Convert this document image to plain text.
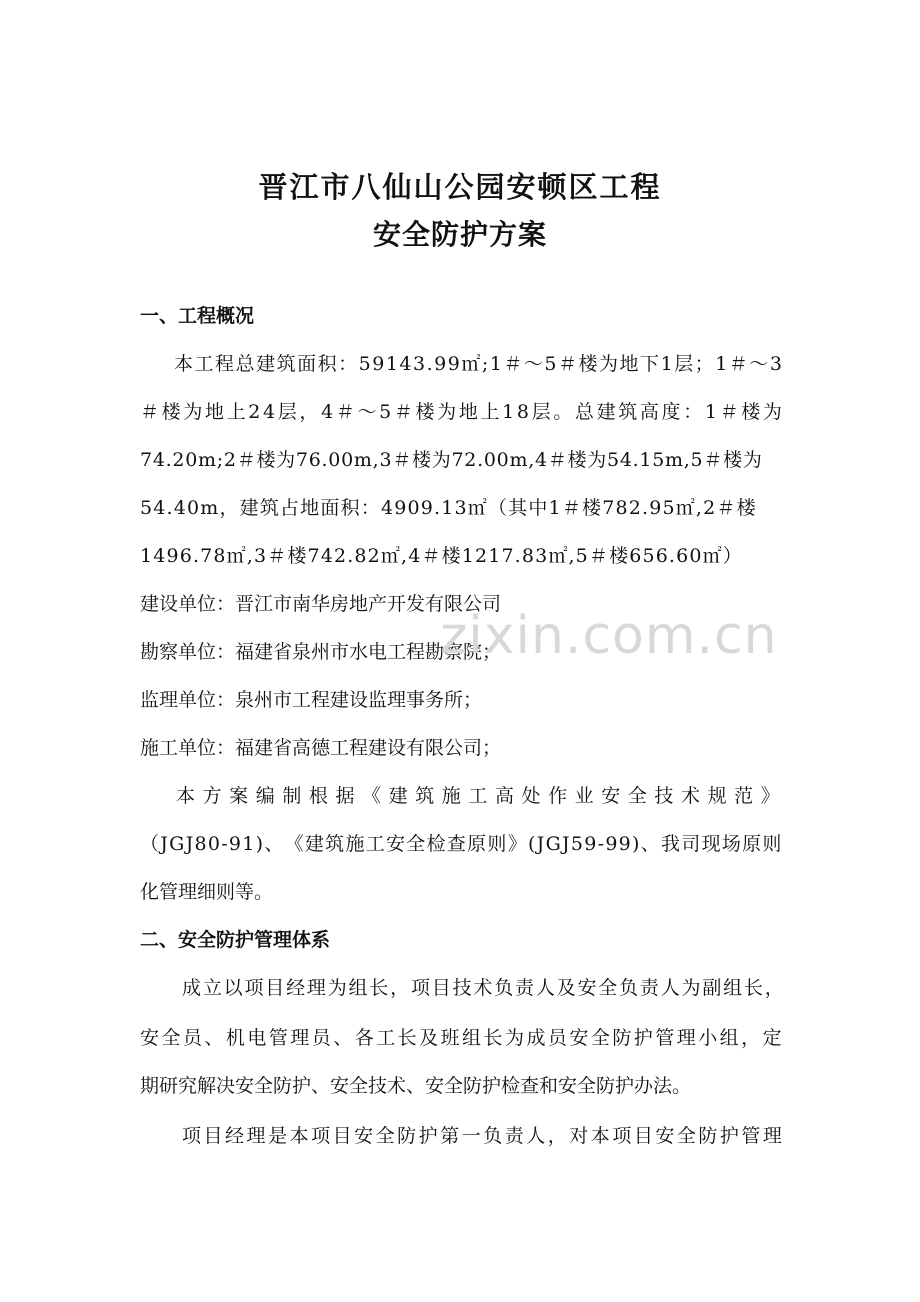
晋江市八仙山公园安顿区工程
安全防护方案
一、工程概况
本 工 程 总 建 筑 面 积 ： 5 9 1 4 3 . 9 9 ㎡ ; 1 ＃ ～ 5 ＃ 楼 为 地 下 1 层 ； 1 ＃ ～ 3
＃ 楼 为 地 上 2 4 层 ， 4 ＃ ～ 5 ＃ 楼 为 地 上 1 8 层 。 总 建 筑 高 度 ： 1 ＃ 楼 为
7 4 . 2 0 m ; 2 ＃ 楼 为 7 6 . 0 0 m , 3 ＃ 楼 为 7 2 . 0 0 m , 4 ＃ 楼 为 5 4 . 1 5 m , 5 ＃ 楼 为
5 4 . 4 0 m ， 建 筑 占 地 面 积 ： 4 9 0 9 . 1 3 ㎡ （ 其 中 1 ＃ 楼 7 8 2 . 9 5 ㎡ , 2 ＃ 楼
1 4 9 6 . 7 8 ㎡ , 3 ＃ 楼 7 4 2 . 8 2 ㎡ , 4 ＃ 楼 1 2 1 7 . 8 3 ㎡ , 5 ＃ 楼 6 5 6 . 6 0 ㎡ ）
建设单位：晋江市南华房地产开发有限公司
勘察单位：福建省泉州市水电工程勘察院；
监理单位：泉州市工程建设监理事务所；
施工单位：福建省高德工程建设有限公司；
本 方 案 编 制 根 据 《 建 筑 施 工 高 处 作 业 安 全 技 术 规 范 》
（ J G J 8 0 - 9 1 ) 、 《 建 筑 施 工 安 全 检 查 原 则 》 ( J G J 5 9 - 9 9 ) 、 我 司 现 场 原 则
化管理细则等。
二、安全防护管理体系
成 立 以 项 目 经 理 为 组 长 ， 项 目 技 术 负 责 人 及 安 全 负 责 人 为 副 组 长 ，
安 全 员 、 机 电 管 理 员 、 各 工 长 及 班 组 长 为 成 员 安 全 防 护 管 理 小 组 ， 定
期研究解决安全防护、安全技术、安全防护检查和安全防护办法。
项 目 经 理 是 本 项 目 安 全 防 护 第 一 负 责 人 ， 对 本 项 目 安 全 防 护 管 理
zixin.com.cn
